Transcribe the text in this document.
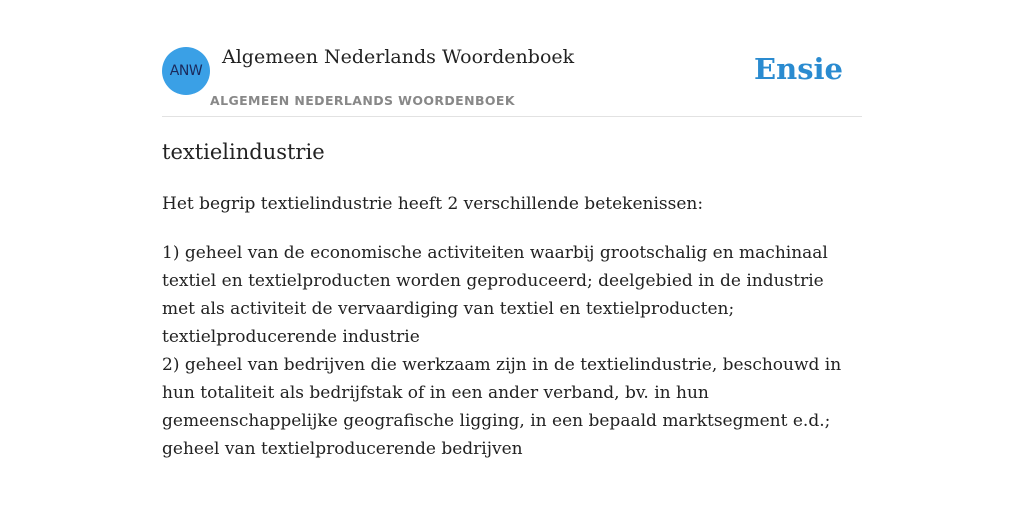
ANW
Algemeen Nederlands Woordenboek
ALGEMEEN NEDERLANDS WOORDENBOEK
Ensie
textielindustrie

Het begrip textielindustrie heeft 2 verschillende betekenissen:

1) geheel van de economische activiteiten waarbij grootschalig en machinaal textiel en textielproducten worden geproduceerd; deelgebied in de industrie met als activiteit de vervaardiging van textiel en textielproducten; textielproducerende industrie

2) geheel van bedrijven die werkzaam zijn in de textielindustrie, beschouwd in hun totaliteit als bedrijfstak of in een ander verband, bv. in hun gemeenschappelijke geografische ligging, in een bepaald marktsegment e.d.; geheel van textielproducerende bedrijven
